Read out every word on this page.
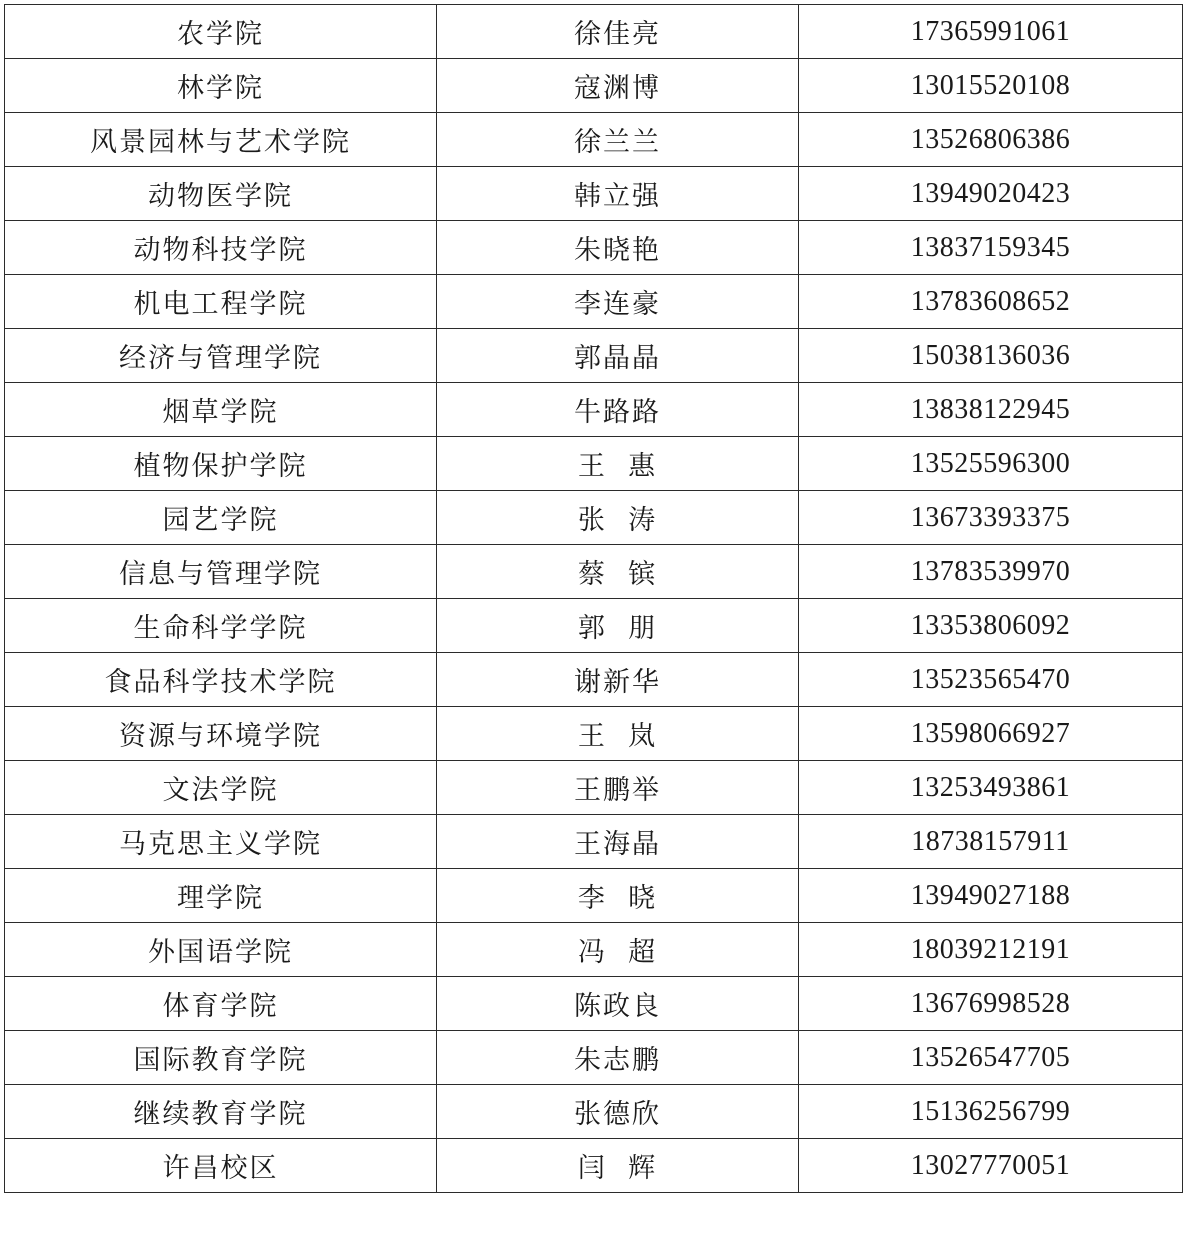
农学院	徐佳亮	17365991061
林学院	寇渊博	13015520108
风景园林与艺术学院	徐兰兰	13526806386
动物医学院	韩立强	13949020423
动物科技学院	朱晓艳	13837159345
机电工程学院	李连豪	13783608652
经济与管理学院	郭晶晶	15038136036
烟草学院	牛路路	13838122945
植物保护学院	王  惠	13525596300
园艺学院	张  涛	13673393375
信息与管理学院	蔡  镔	13783539970
生命科学学院	郭  朋	13353806092
食品科学技术学院	谢新华	13523565470
资源与环境学院	王  岚	13598066927
文法学院	王鹏举	13253493861
马克思主义学院	王海晶	18738157911
理学院	李  晓	13949027188
外国语学院	冯  超	18039212191
体育学院	陈政良	13676998528
国际教育学院	朱志鹏	13526547705
继续教育学院	张德欣	15136256799
许昌校区	闫  辉	13027770051
